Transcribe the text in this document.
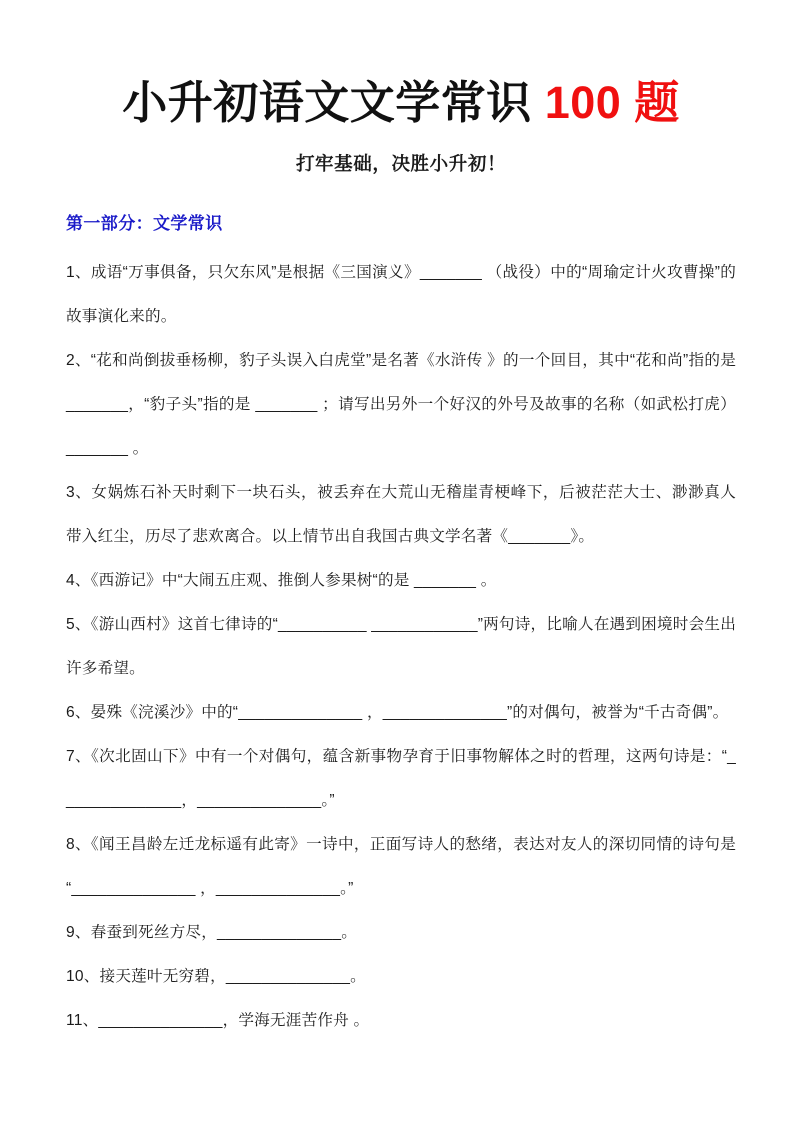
小升初语文文学常识 100 题

打牢基础，决胜小升初！

第一部分：文学常识
1、成语“万事俱备，只欠东风”是根据《三国演义》_______ （战役）中的“周瑜定计火攻曹操”的故事演化来的。
2、“花和尚倒拔垂杨柳，豹子头误入白虎堂”是名著《水浒传 》的一个回目，其中“花和尚”指的是_______，“豹子头”指的是 _______ ；请写出另外一个好汉的外号及故事的名称（如武松打虎） _______ 。
3、女娲炼石补天时剩下一块石头，被丢弃在大荒山无稽崖青梗峰下，后被茫茫大士、渺渺真人带入红尘，历尽了悲欢离合。以上情节出自我国古典文学名著《_______》。
4、《西游记》中“大闹五庄观、推倒人参果树“的是 _______ 。
5、《游山西村》这首七律诗的“__________ ____________”两句诗，比喻人在遇到困境时会生出许多希望。
6、晏殊《浣溪沙》中的“______________ ，______________”的对偶句，被誉为“千古奇偶”。
7、《次北固山下》中有一个对偶句，蕴含新事物孕育于旧事物解体之时的哲理，这两句诗是：“______________，______________。”
8、《闻王昌龄左迁龙标遥有此寄》一诗中，正面写诗人的愁绪，表达对友人的深切同情的诗句是“______________ ，______________。”
9、春蚕到死丝方尽，______________。
10、接天莲叶无穷碧，______________。
11、______________，学海无涯苦作舟 。
